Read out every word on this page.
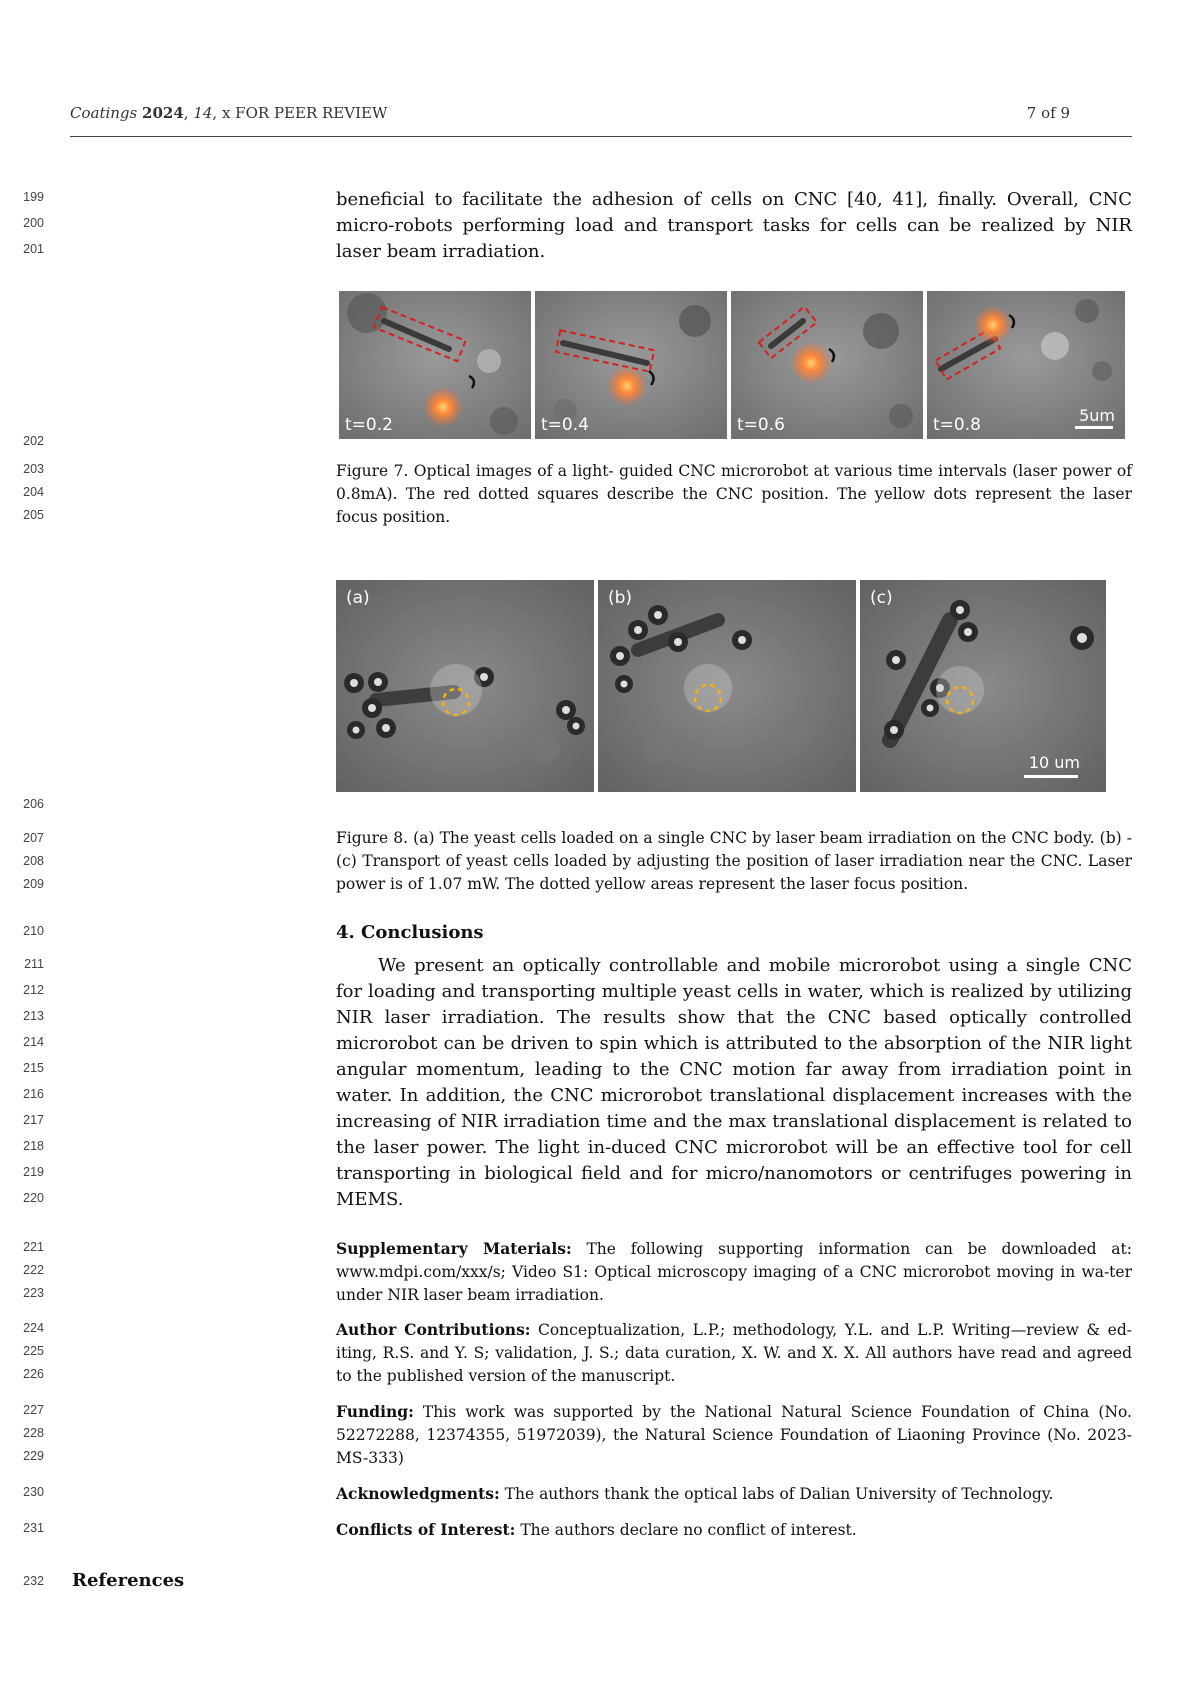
Coatings 2024, 14, x FOR PEER REVIEW	7 of 9
199
200
201
202
203
204
205
206
207
208
209
210
211
212
213
214
215
216
217
218
219
220
221
222
223
224
225
226
227
228
229
230
231
232
beneficial to facilitate the adhesion of cells on CNC [40, 41], finally. Overall, CNC micro-robots performing load and transport tasks for cells can be realized by NIR laser beam irradiation.
t=0.2	t=0.4	t=0.6	t=0.8	5um
Figure 7. Optical images of a light- guided CNC microrobot at various time intervals (laser power of 0.8mA). The red dotted squares describe the CNC position. The yellow dots represent the laser focus position.
(a)	(b)	(c)
10 um
Figure 8. (a) The yeast cells loaded on a single CNC by laser beam irradiation on the CNC body. (b) - (c) Transport of yeast cells loaded by adjusting the position of laser irradiation near the CNC. Laser power is of 1.07 mW. The dotted yellow areas represent the laser focus position.
4. Conclusions
We present an optically controllable and mobile microrobot using a single CNC for loading and transporting multiple yeast cells in water, which is realized by utilizing NIR laser irradiation. The results show that the CNC based optically controlled microrobot can be driven to spin which is attributed to the absorption of the NIR light angular momentum, leading to the CNC motion far away from irradiation point in water. In addition, the CNC microrobot translational displacement increases with the increasing of NIR irradiation time and the max translational displacement is related to the laser power. The light in-duced CNC microrobot will be an effective tool for cell transporting in biological field and for micro/nanomotors or centrifuges powering in MEMS.
Supplementary Materials: The following supporting information can be downloaded at: www.mdpi.com/xxx/s; Video S1: Optical microscopy imaging of a CNC microrobot moving in wa-ter under NIR laser beam irradiation.
Author Contributions: Conceptualization, L.P.; methodology, Y.L. and L.P. Writing—review & ed-iting, R.S. and Y. S; validation, J. S.; data curation, X. W. and X. X. All authors have read and agreed to the published version of the manuscript.
Funding: This work was supported by the National Natural Science Foundation of China (No. 52272288, 12374355, 51972039), the Natural Science Foundation of Liaoning Province (No. 2023-MS-333)
Acknowledgments: The authors thank the optical labs of Dalian University of Technology.
Conflicts of Interest: The authors declare no conflict of interest.
References
